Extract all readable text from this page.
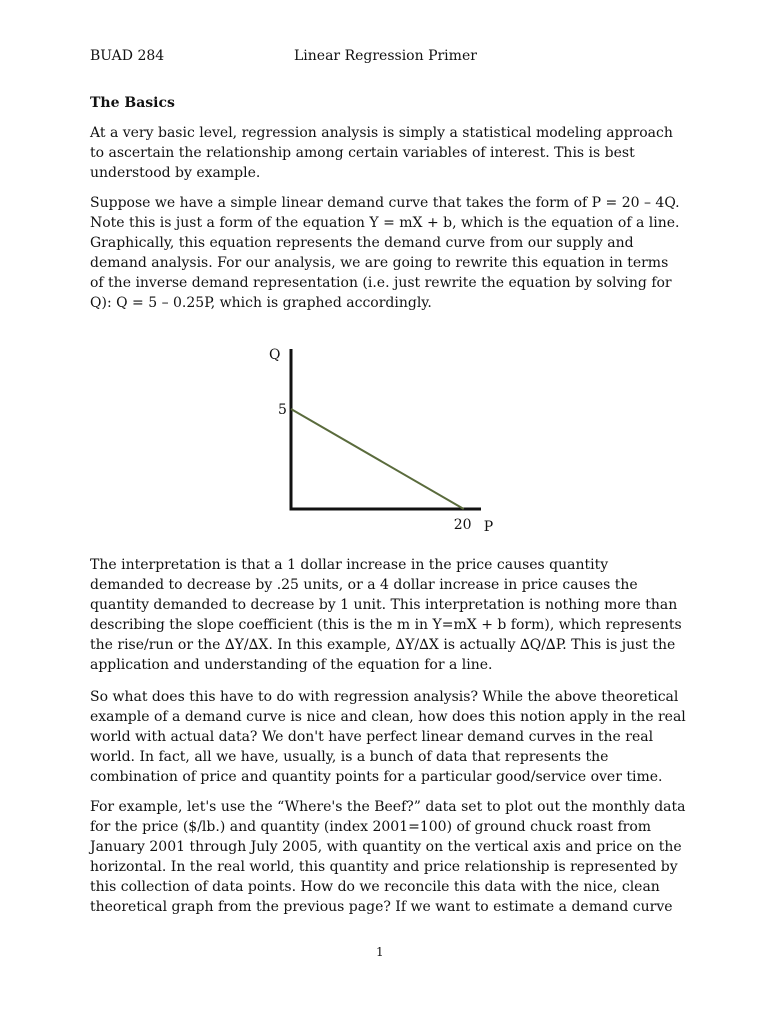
BUAD 284	Linear Regression Primer
The Basics

At a very basic level, regression analysis is simply a statistical modeling approach to ascertain the relationship among certain variables of interest. This is best understood by example.

Suppose we have a simple linear demand curve that takes the form of P = 20 – 4Q. Note this is just a form of the equation Y = mX + b, which is the equation of a line. Graphically, this equation represents the demand curve from our supply and demand analysis. For our analysis, we are going to rewrite this equation in terms of the inverse demand representation (i.e. just rewrite the equation by solving for Q): Q = 5 – 0.25P, which is graphed accordingly.

Q
P
5
20

The interpretation is that a 1 dollar increase in the price causes quantity demanded to decrease by .25 units, or a 4 dollar increase in price causes the quantity demanded to decrease by 1 unit. This interpretation is nothing more than describing the slope coefficient (this is the m in Y=mX + b form), which represents the rise/run or the ∆Y/∆X. In this example, ∆Y/∆X is actually ∆Q/∆P. This is just the application and understanding of the equation for a line.

So what does this have to do with regression analysis? While the above theoretical example of a demand curve is nice and clean, how does this notion apply in the real world with actual data? We don't have perfect linear demand curves in the real world. In fact, all we have, usually, is a bunch of data that represents the combination of price and quantity points for a particular good/service over time.

For example, let's use the “Where's the Beef?” data set to plot out the monthly data for the price ($/lb.) and quantity (index 2001=100) of ground chuck roast from January 2001 through July 2005, with quantity on the vertical axis and price on the horizontal. In the real world, this quantity and price relationship is represented by this collection of data points. How do we reconcile this data with the nice, clean theoretical graph from the previous page? If we want to estimate a demand curve

1
